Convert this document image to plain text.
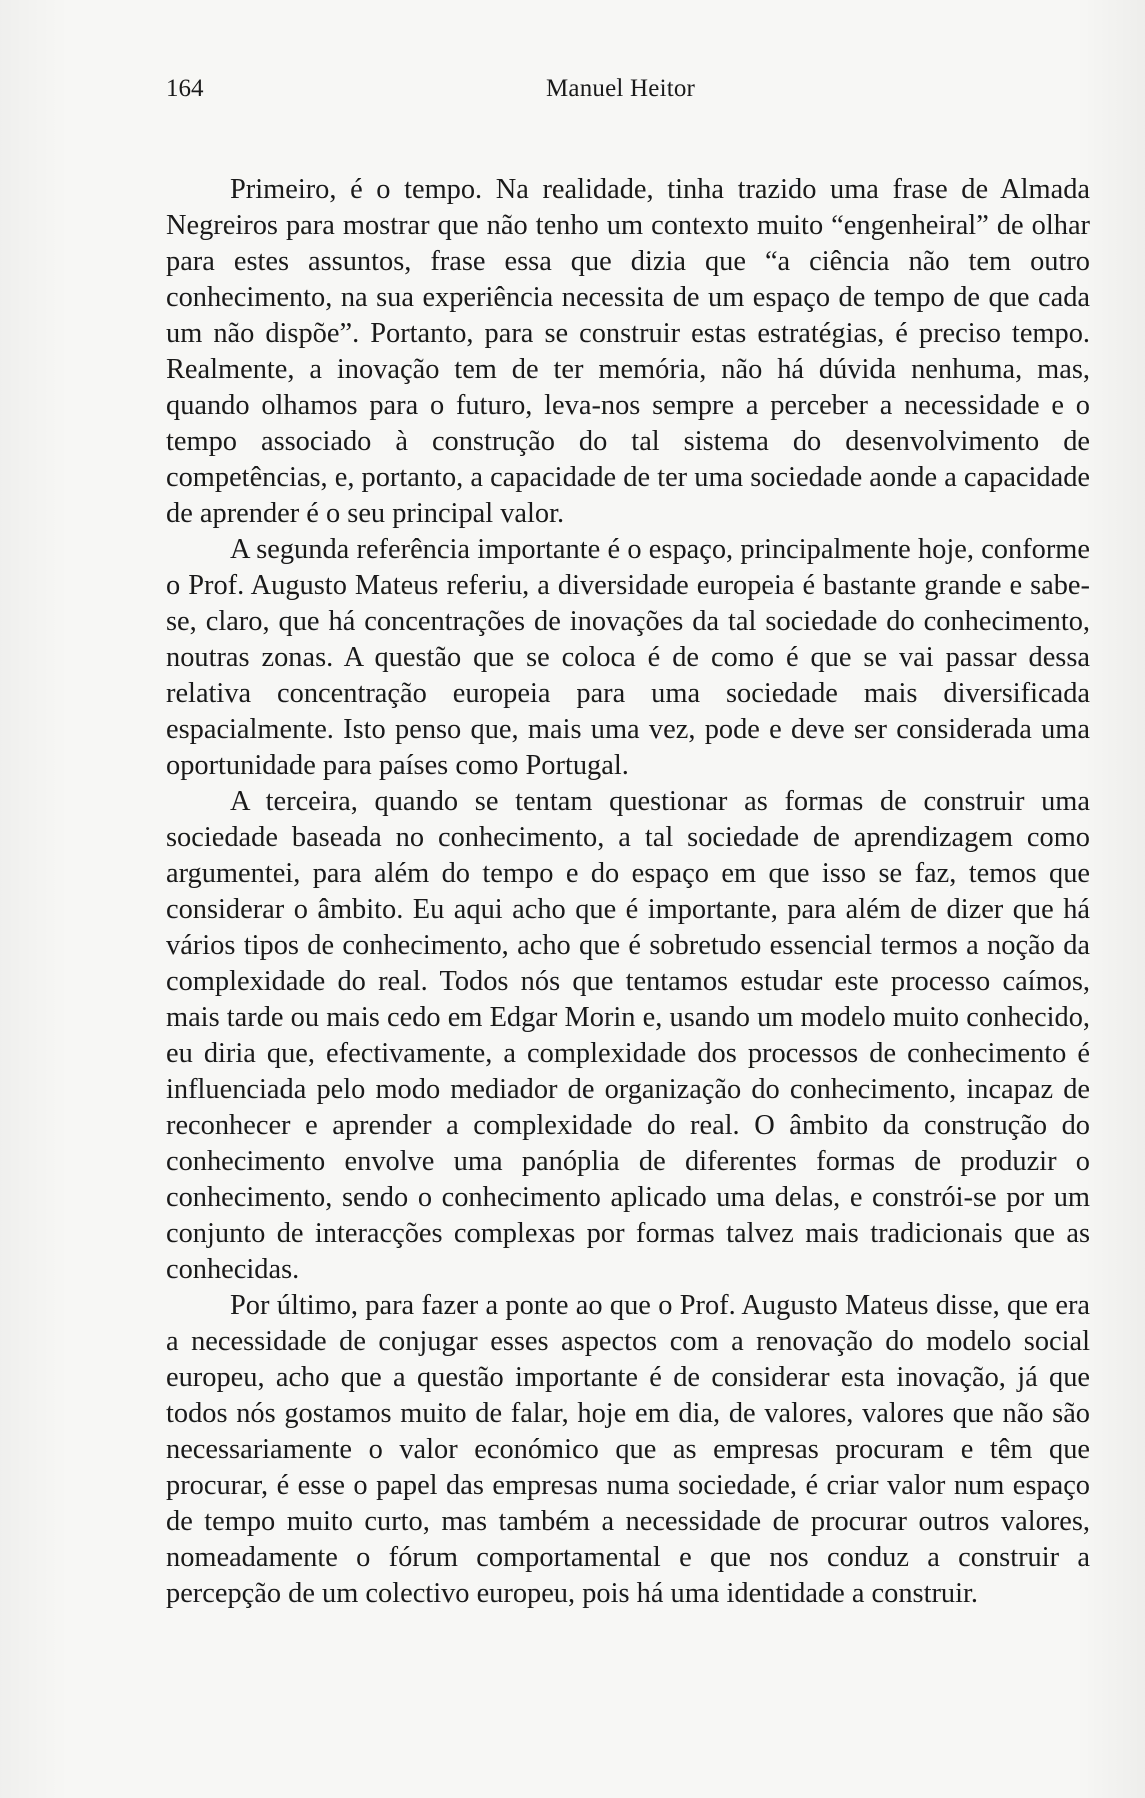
164	Manuel Heitor

Primeiro, é o tempo. Na realidade, tinha trazido uma frase de Almada Negreiros para mostrar que não tenho um contexto muito “engenheiral” de olhar para estes assuntos, frase essa que dizia que “a ciência não tem outro conhecimento, na sua experiência necessita de um espaço de tempo de que cada um não dispõe”. Portanto, para se construir estas estratégias, é preciso tempo. Realmente, a inovação tem de ter memória, não há dúvida nenhuma, mas, quando olhamos para o futuro, leva-nos sempre a perceber a necessidade e o tempo associado à construção do tal sistema do desenvolvimento de competências, e, portanto, a capacidade de ter uma sociedade aonde a capacidade de aprender é o seu principal valor.

A segunda referência importante é o espaço, principalmente hoje, conforme o Prof. Augusto Mateus referiu, a diversidade europeia é bastante grande e sabe-se, claro, que há concentrações de inovações da tal sociedade do conhecimento, noutras zonas. A questão que se coloca é de como é que se vai passar dessa relativa concentração europeia para uma sociedade mais diversificada espacialmente. Isto penso que, mais uma vez, pode e deve ser considerada uma oportunidade para países como Portugal.

A terceira, quando se tentam questionar as formas de construir uma sociedade baseada no conhecimento, a tal sociedade de aprendizagem como argumentei, para além do tempo e do espaço em que isso se faz, temos que considerar o âmbito. Eu aqui acho que é importante, para além de dizer que há vários tipos de conhecimento, acho que é sobretudo essencial termos a noção da complexidade do real. Todos nós que tentamos estudar este processo caímos, mais tarde ou mais cedo em Edgar Morin e, usando um modelo muito conhecido, eu diria que, efectivamente, a complexidade dos processos de conhecimento é influenciada pelo modo mediador de organização do conhecimento, incapaz de reconhecer e aprender a complexidade do real. O âmbito da construção do conhecimento envolve uma panóplia de diferentes formas de produzir o conhecimento, sendo o conhecimento aplicado uma delas, e constrói-se por um conjunto de interacções complexas por formas talvez mais tradicionais que as conhecidas.

Por último, para fazer a ponte ao que o Prof. Augusto Mateus disse, que era a necessidade de conjugar esses aspectos com a renovação do modelo social europeu, acho que a questão importante é de considerar esta inovação, já que todos nós gostamos muito de falar, hoje em dia, de valores, valores que não são necessariamente o valor económico que as empresas procuram e têm que procurar, é esse o papel das empresas numa sociedade, é criar valor num espaço de tempo muito curto, mas também a necessidade de procurar outros valores, nomeadamente o fórum comportamental e que nos conduz a construir a percepção de um colectivo europeu, pois há uma identidade a construir.
